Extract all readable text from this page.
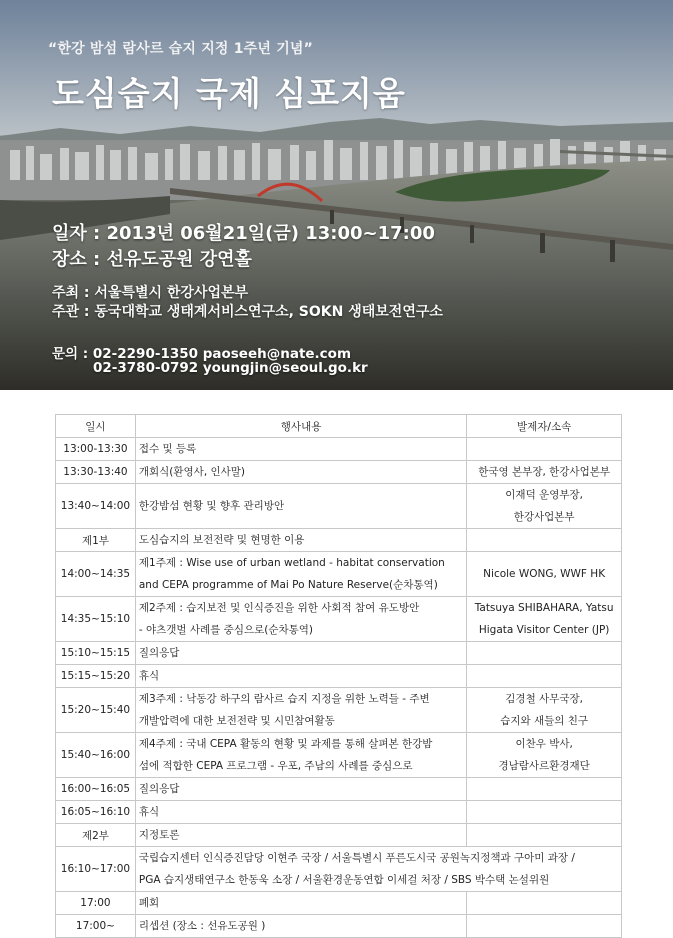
“한강 밤섬 람사르 습지 지정 1주년 기념”
도심습지 국제 심포지움
일자 : 2013년 06월21일(금) 13:00~17:00
장소 : 선유도공원 강연홀
주최 : 서울특별시 한강사업본부
주관 : 동국대학교 생태계서비스연구소, SOKN 생태보전연구소
문의 : 02-2290-1350 paoseeh@nate.com
02-3780-0792 youngjin@seoul.go.kr
일시	행사내용	발제자/소속
13:00-13:30	접수 및 등록	

13:30-13:40	개회식(환영사, 인사말)	한국영 본부장, 한강사업본부

13:40~14:00	한강밤섬 현황 및 향후 관리방안	이재덕 운영부장,
한강사업본부

제1부	도심습지의 보전전략 및 현명한 이용	

14:00~14:35	제1주제 : Wise use of urban wetland - habitat conservation
and CEPA programme of Mai Po Nature Reserve(순차통역)	Nicole WONG, WWF HK

14:35~15:10	제2주제 : 습지보전 및 인식증진을 위한 사회적 참여 유도방안
- 야츠갯벌 사례를 중심으로(순차통역)	Tatsuya SHIBAHARA, Yatsu
Higata Visitor Center (JP)

15:10~15:15	질의응답	

15:15~15:20	휴식	

15:20~15:40	제3주제 : 낙동강 하구의 람사르 습지 지정을 위한 노력들 - 주변
개발압력에 대한 보전전략 및 시민참여활동	김경철 사무국장,
습지와 새들의 친구

15:40~16:00	제4주제 : 국내 CEPA 활동의 현황 및 과제를 통해 살펴본 한강밤
섬에 적합한 CEPA 프로그램 - 우포, 주남의 사례를 중심으로	이찬우 박사,
경남람사르환경재단

16:00~16:05	질의응답	

16:05~16:10	휴식	

제2부	지정토론	

16:10~17:00	국립습지센터 인식증진담당 이현주 국장 / 서울특별시 푸른도시국 공원녹지정책과 구아미 과장 /
PGA 습지생태연구소 한동욱 소장 / 서울환경운동연합 이세걸 처장 / SBS 박수택 논설위원	

17:00	폐회	

17:00~	리셉션 (장소 : 선유도공원 )	
